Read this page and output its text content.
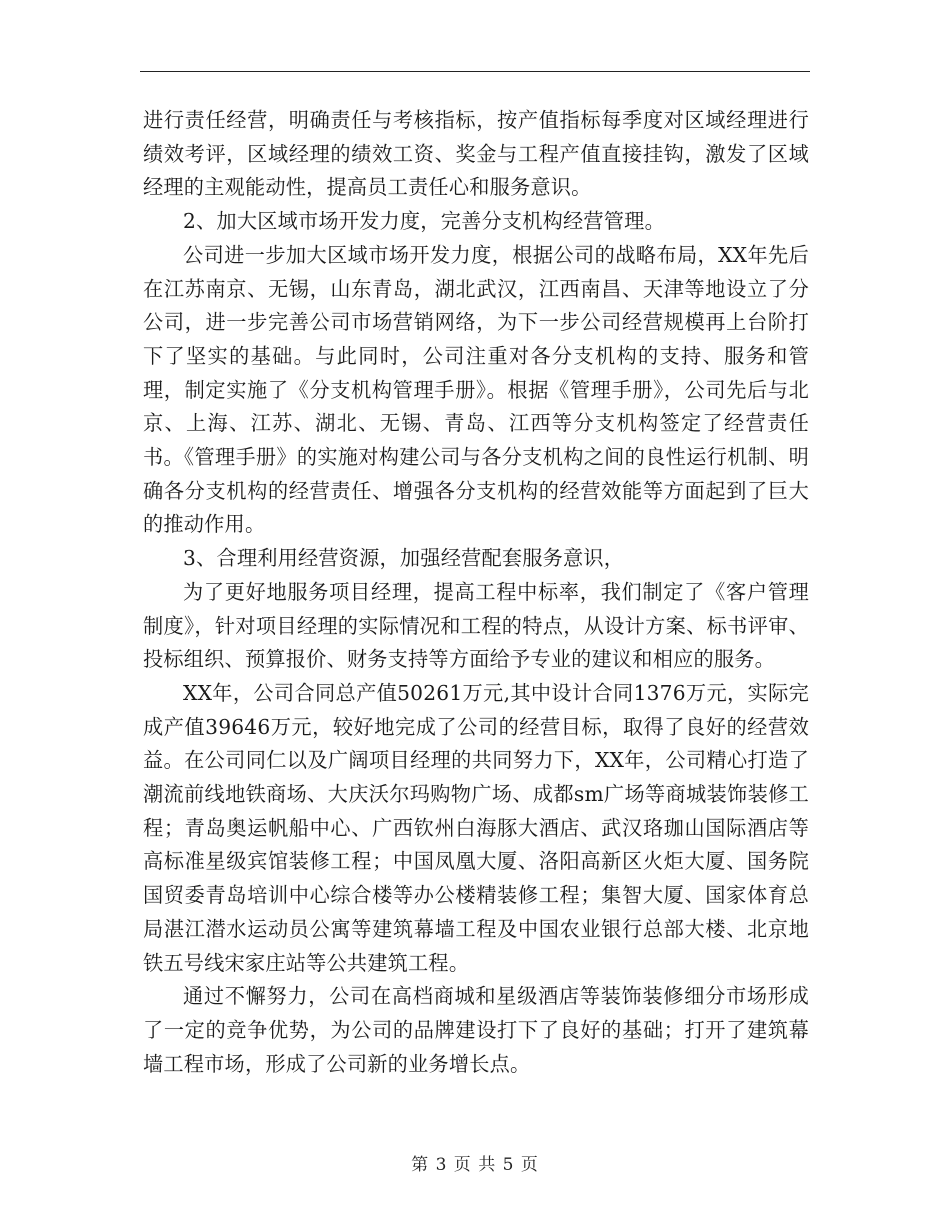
进行责任经营，明确责任与考核指标，按产值指标每季度对区域经理进行绩效考评，区域经理的绩效工资、奖金与工程产值直接挂钩，激发了区域经理的主观能动性，提高员工责任心和服务意识。

2、加大区域市场开发力度，完善分支机构经营管理。

公司进一步加大区域市场开发力度，根据公司的战略布局，XX年先后在江苏南京、无锡，山东青岛，湖北武汉，江西南昌、天津等地设立了分公司，进一步完善公司市场营销网络，为下一步公司经营规模再上台阶打下了坚实的基础。与此同时，公司注重对各分支机构的支持、服务和管理，制定实施了《分支机构管理手册》。根据《管理手册》，公司先后与北京、上海、江苏、湖北、无锡、青岛、江西等分支机构签定了经营责任书。《管理手册》的实施对构建公司与各分支机构之间的良性运行机制、明确各分支机构的经营责任、增强各分支机构的经营效能等方面起到了巨大的推动作用。

3、合理利用经营资源，加强经营配套服务意识，

为了更好地服务项目经理，提高工程中标率，我们制定了《客户管理制度》，针对项目经理的实际情况和工程的特点，从设计方案、标书评审、投标组织、预算报价、财务支持等方面给予专业的建议和相应的服务。

XX年，公司合同总产值50261万元,其中设计合同1376万元，实际完成产值39646万元，较好地完成了公司的经营目标，取得了良好的经营效益。在公司同仁以及广阔项目经理的共同努力下，XX年，公司精心打造了潮流前线地铁商场、大庆沃尔玛购物广场、成都sm广场等商城装饰装修工程；青岛奥运帆船中心、广西钦州白海豚大酒店、武汉珞珈山国际酒店等高标准星级宾馆装修工程；中国凤凰大厦、洛阳高新区火炬大厦、国务院国贸委青岛培训中心综合楼等办公楼精装修工程；集智大厦、国家体育总局湛江潜水运动员公寓等建筑幕墙工程及中国农业银行总部大楼、北京地铁五号线宋家庄站等公共建筑工程。

通过不懈努力，公司在高档商城和星级酒店等装饰装修细分市场形成了一定的竞争优势，为公司的品牌建设打下了良好的基础；打开了建筑幕墙工程市场，形成了公司新的业务增长点。

第 3 页 共 5 页
